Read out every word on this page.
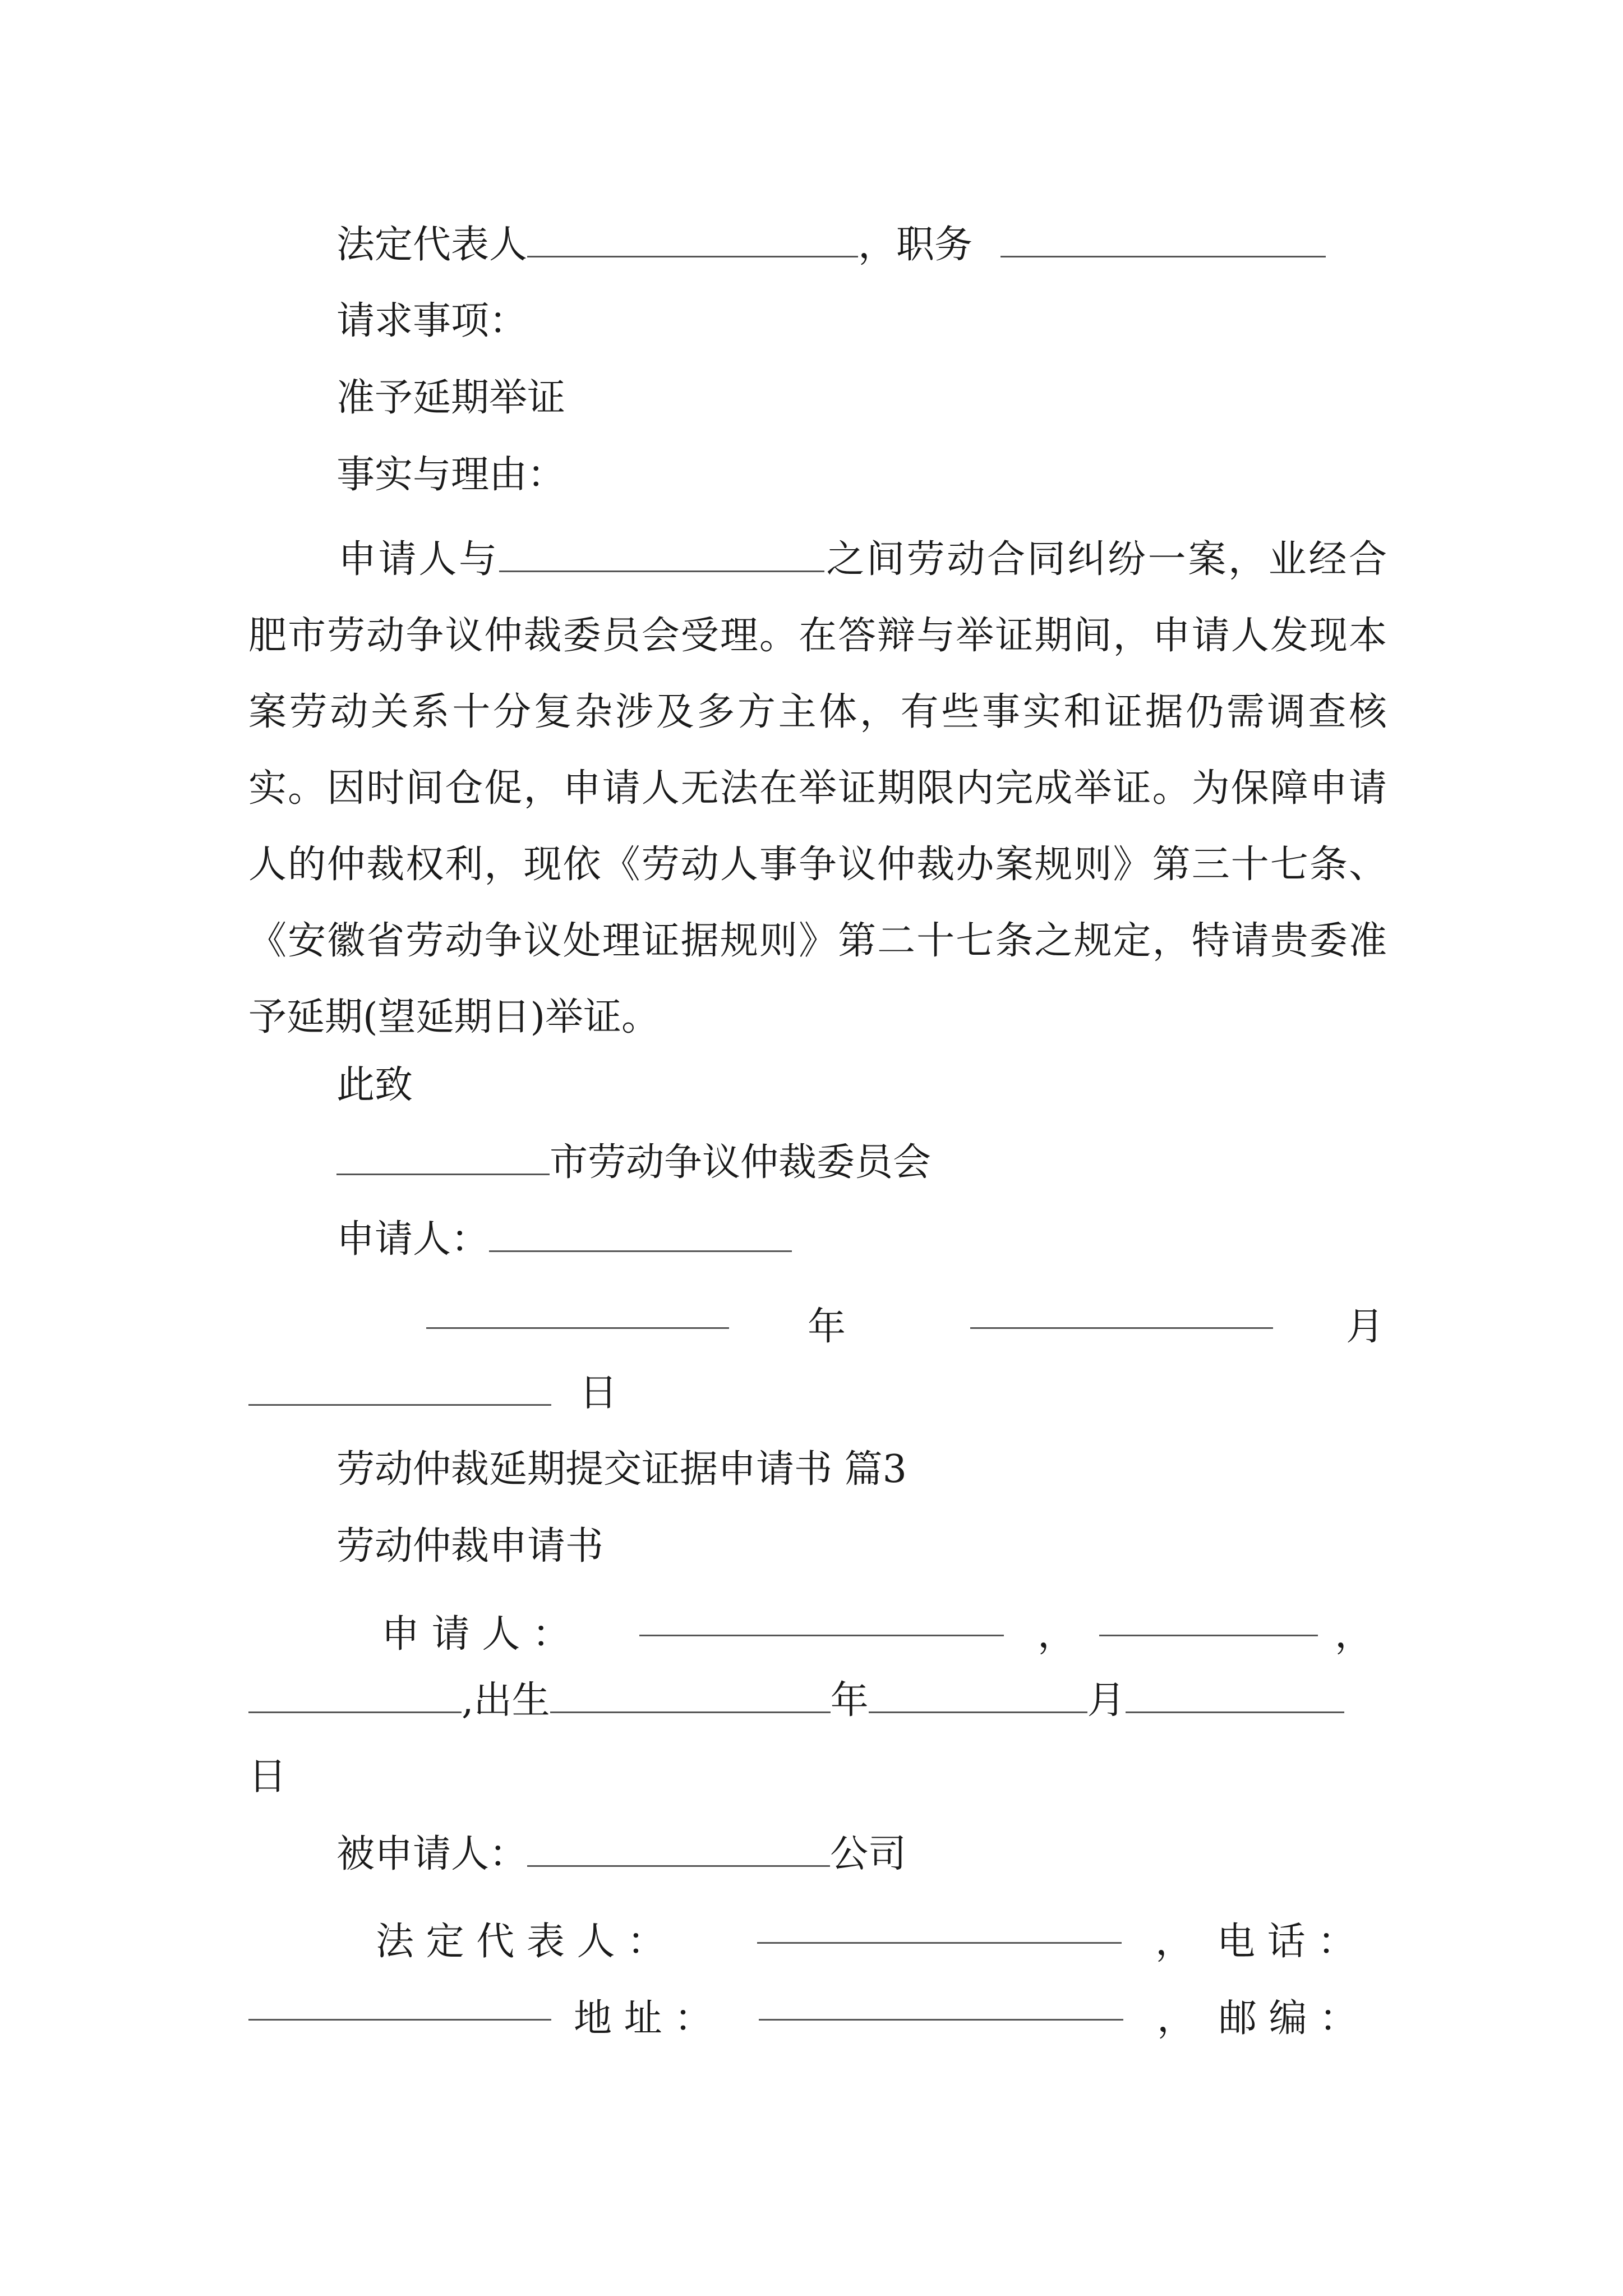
法定代表人	，职务
请求事项：
准予延期举证
事实与理由：
申请人与	之间劳动合同纠纷一案，业经合肥市劳动争议仲裁委员会受理。在答辩与举证期间，申请人发现本案劳动关系十分复杂涉及多方主体，有些事实和证据仍需调查核实。因时间仓促，申请人无法在举证期限内完成举证。为保障申请人的仲裁权利，现依《劳动人事争议仲裁办案规则》第三十七条、《安徽省劳动争议处理证据规则》第二十七条之规定，特请贵委准予延期(望延期日)举证。
此致
市劳动争议仲裁委员会
申请人：
年	月
日
劳动仲裁延期提交证据申请书 篇3
劳动仲裁申请书
申 请 人 ：	，	，
,出生	年	月
日
被申请人：	公司
法 定 代 表 人 ：	， 电 话 ：
地 址 ：	， 邮 编 ：
